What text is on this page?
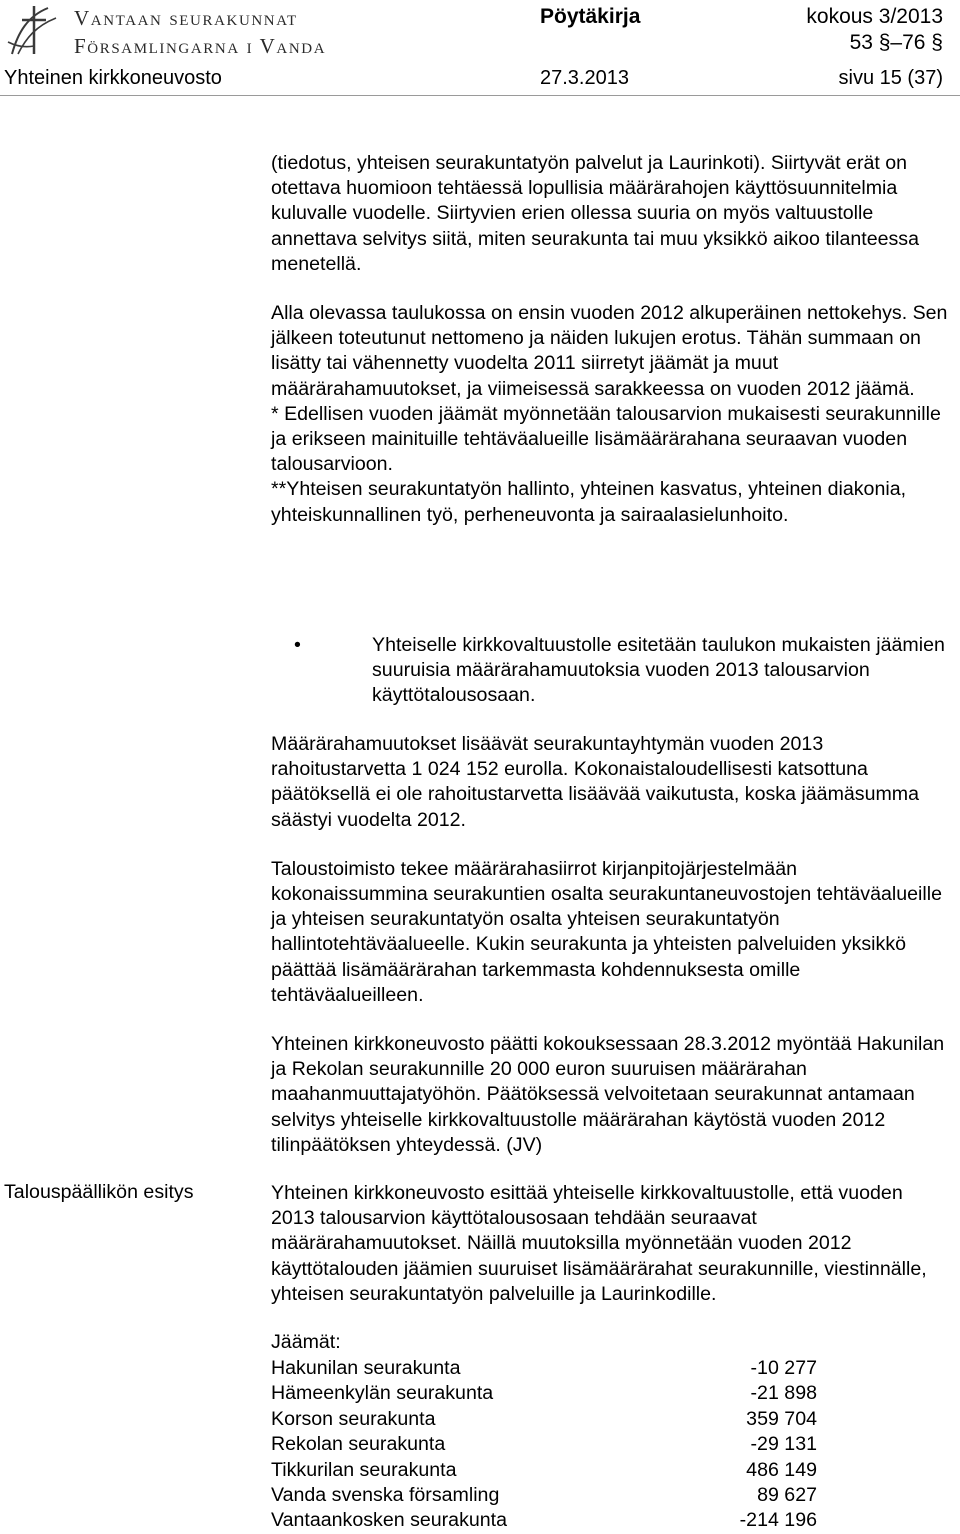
Vantaan seurakunnat
Församlingarna i Vanda
Pöytäkirja	kokous 3/2013
53 §–76 §
Yhteinen kirkkoneuvosto	27.3.2013	sivu 15 (37)

(tiedotus, yhteisen seurakuntatyön palvelut ja Laurinkoti). Siirtyvät erät on otettava huomioon tehtäessä lopullisia määrärahojen käyttösuunnitelmia kuluvalle vuodelle. Siirtyvien erien ollessa suuria on myös valtuustolle annettava selvitys siitä, miten seurakunta tai muu yksikkö aikoo tilanteessa menetellä.

Alla olevassa taulukossa on ensin vuoden 2012 alkuperäinen nettokehys. Sen jälkeen toteutunut nettomeno ja näiden lukujen erotus. Tähän summaan on lisätty tai vähennetty vuodelta 2011 siirretyt jäämät ja muut määrärahamuutokset, ja viimeisessä sarakkeessa on vuoden 2012 jäämä.
* Edellisen vuoden jäämät myönnetään talousarvion mukaisesti seurakunnille ja erikseen mainituille tehtäväalueille lisämäärärahana seuraavan vuoden talousarvioon.
**Yhteisen seurakuntatyön hallinto, yhteinen kasvatus, yhteinen diakonia, yhteiskunnallinen työ, perheneuvonta ja sairaalasielunhoito.

•	Yhteiselle kirkkovaltuustolle esitetään taulukon mukaisten jäämien suuruisia määrärahamuutoksia vuoden 2013 talousarvion käyttötalousosaan.

Määrärahamuutokset lisäävät seurakuntayhtymän vuoden 2013 rahoitustarvetta 1 024 152 eurolla. Kokonaistaloudellisesti katsottuna päätöksellä ei ole rahoitustarvetta lisäävää vaikutusta, koska jäämäsumma säästyi vuodelta 2012.

Taloustoimisto tekee määrärahasiirrot kirjanpitojärjestelmään kokonaissummina seurakuntien osalta seurakuntaneuvostojen tehtäväalueille ja yhteisen seurakuntatyön osalta yhteisen seurakuntatyön hallintotehtäväalueelle. Kukin seurakunta ja yhteisten palveluiden yksikkö päättää lisämäärärahan tarkemmasta kohdennuksesta omille tehtäväalueilleen.

Yhteinen kirkkoneuvosto päätti kokouksessaan 28.3.2012 myöntää Hakunilan ja Rekolan seurakunnille 20 000 euron suuruisen määrärahan maahanmuuttajatyöhön. Päätöksessä velvoitetaan seurakunnat antamaan selvitys yhteiselle kirkkovaltuustolle määrärahan käytöstä vuoden 2012 tilinpäätöksen yhteydessä. (JV)

Talouspäällikön esitys	Yhteinen kirkkoneuvosto esittää yhteiselle kirkkovaltuustolle, että vuoden 2013 talousarvion käyttötalousosaan tehdään seuraavat määrärahamuutokset. Näillä muutoksilla myönnetään vuoden 2012 käyttötalouden jäämien suuruiset lisämäärärahat seurakunnille, viestinnälle, yhteisen seurakuntatyön palveluille ja Laurinkodille.

Jäämät:
Hakunilan seurakunta	-10 277
Hämeenkylän seurakunta	-21 898
Korson seurakunta	359 704
Rekolan seurakunta	-29 131
Tikkurilan seurakunta	486 149
Vanda svenska församling	89 627
Vantaankosken seurakunta	-214 196
